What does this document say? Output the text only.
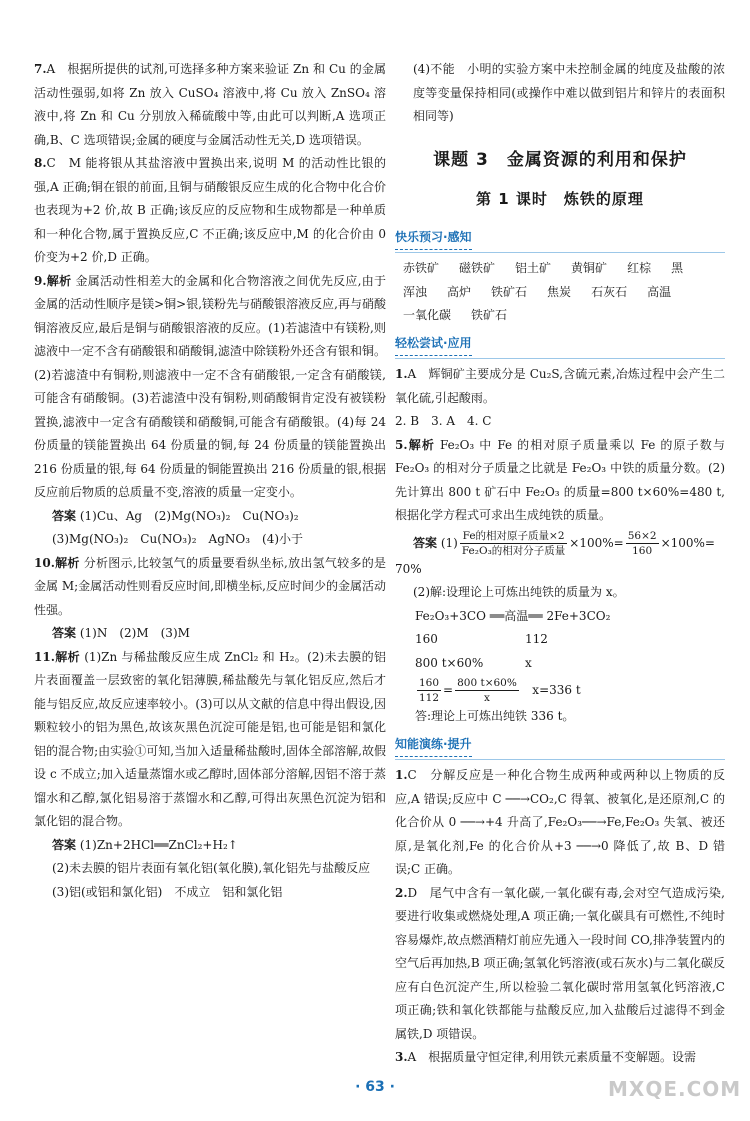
7.A　根据所提供的试剂,可选择多种方案来验证 Zn 和 Cu 的金属活动性强弱,如将 Zn 放入 CuSO₄ 溶液中,将 Cu 放入 ZnSO₄ 溶液中,将 Zn 和 Cu 分别放入稀硫酸中等,由此可以判断,A 选项正确,B、C 选项错误;金属的硬度与金属活动性无关,D 选项错误。

8.C　M 能将银从其盐溶液中置换出来,说明 M 的活动性比银的强,A 正确;铜在银的前面,且铜与硝酸银反应生成的化合物中化合价也表现为+2 价,故 B 正确;该反应的反应物和生成物都是一种单质和一种化合物,属于置换反应,C 不正确;该反应中,M 的化合价由 0 价变为+2 价,D 正确。

9.解析 金属活动性相差大的金属和化合物溶液之间优先反应,由于金属的活动性顺序是镁>铜>银,镁粉先与硝酸银溶液反应,再与硝酸铜溶液反应,最后是铜与硝酸银溶液的反应。(1)若滤渣中有镁粉,则滤液中一定不含有硝酸银和硝酸铜,滤渣中除镁粉外还含有银和铜。(2)若滤渣中有铜粉,则滤液中一定不含有硝酸银,一定含有硝酸镁,可能含有硝酸铜。(3)若滤渣中没有铜粉,则硝酸铜肯定没有被镁粉置换,滤液中一定含有硝酸镁和硝酸铜,可能含有硝酸银。(4)每 24 份质量的镁能置换出 64 份质量的铜,每 24 份质量的镁能置换出 216 份质量的银,每 64 份质量的铜能置换出 216 份质量的银,根据反应前后物质的总质量不变,溶液的质量一定变小。

答案 (1)Cu、Ag　(2)Mg(NO₃)₂　Cu(NO₃)₂

(3)Mg(NO₃)₂　Cu(NO₃)₂　AgNO₃　(4)小于

10.解析 分析图示,比较氢气的质量要看纵坐标,放出氢气较多的是金属 M;金属活动性则看反应时间,即横坐标,反应时间少的金属活动性强。

答案 (1)N　(2)M　(3)M

11.解析 (1)Zn 与稀盐酸反应生成 ZnCl₂ 和 H₂。(2)未去膜的铝片表面覆盖一层致密的氧化铝薄膜,稀盐酸先与氧化铝反应,然后才能与铝反应,故反应速率较小。(3)可以从文献的信息中得出假设,因颗粒较小的铝为黑色,故该灰黑色沉淀可能是铝,也可能是铝和氯化铝的混合物;由实验①可知,当加入适量稀盐酸时,固体全部溶解,故假设 c 不成立;加入适量蒸馏水或乙醇时,固体部分溶解,因铝不溶于蒸馏水和乙醇,氯化铝易溶于蒸馏水和乙醇,可得出灰黑色沉淀为铝和氯化铝的混合物。

答案 (1)Zn+2HCl══ZnCl₂+H₂↑

(2)未去膜的铝片表面有氧化铝(氧化膜),氧化铝先与盐酸反应

(3)铝(或铝和氯化铝)　不成立　铝和氯化铝

(4)不能　小明的实验方案中未控制金属的纯度及盐酸的浓度等变量保持相同(或操作中难以做到铝片和锌片的表面积相同等)

课题 3　金属资源的利用和保护
第 1 课时　炼铁的原理
快乐预习·感知
赤铁矿 磁铁矿 铝土矿 黄铜矿 红棕 黑
浑浊 高炉 铁矿石 焦炭 石灰石 高温
一氧化碳 铁矿石
轻松尝试·应用

1.A　辉铜矿主要成分是 Cu₂S,含硫元素,冶炼过程中会产生二氧化硫,引起酸雨。

2. B　3. A　4. C

5.解析 Fe₂O₃ 中 Fe 的相对原子质量乘以 Fe 的原子数与 Fe₂O₃ 的相对分子质量之比就是 Fe₂O₃ 中铁的质量分数。(2)先计算出 800 t 矿石中 Fe₂O₃ 的质量=800 t×60%=480 t,根据化学方程式可求出生成纯铁的质量。

答案 $(1) \frac{\text{Fe的相对原子质量×2}}{\text{Fe₂O₃的相对分子质量}} \times 100\%= \frac{56\times 2}{160} \times 100\%=$

70%

(2)解:设理论上可炼出纯铁的质量为 x。

Fe₂O₃+3CO ══高温══ 2Fe+3CO₂
160	112
800 t×60%	x
$\frac{160}{112} = \frac{800 t\times 60\%}{x} x=336$ t
答:理论上可炼出纯铁 336 t。
知能演练·提升

1.C　分解反应是一种化合物生成两种或两种以上物质的反应,A 错误;反应中 C ──→CO₂,C 得氧、被氧化,是还原剂,C 的化合价从 0 ──→+4 升高了,Fe₂O₃──→Fe,Fe₂O₃ 失氧、被还原,是氧化剂,Fe 的化合价从+3 ──→0 降低了,故 B、D 错误;C 正确。

2.D　尾气中含有一氧化碳,一氧化碳有毒,会对空气造成污染,要进行收集或燃烧处理,A 项正确;一氧化碳具有可燃性,不纯时容易爆炸,故点燃酒精灯前应先通入一段时间 CO,排净装置内的空气后再加热,B 项正确;氢氧化钙溶液(或石灰水)与二氧化碳反应有白色沉淀产生,所以检验二氧化碳时常用氢氧化钙溶液,C 项正确;铁和氧化铁都能与盐酸反应,加入盐酸后过滤得不到金属铁,D 项错误。

3.A　根据质量守恒定律,利用铁元素质量不变解题。设需

· 63 ·	MXQE.COM
